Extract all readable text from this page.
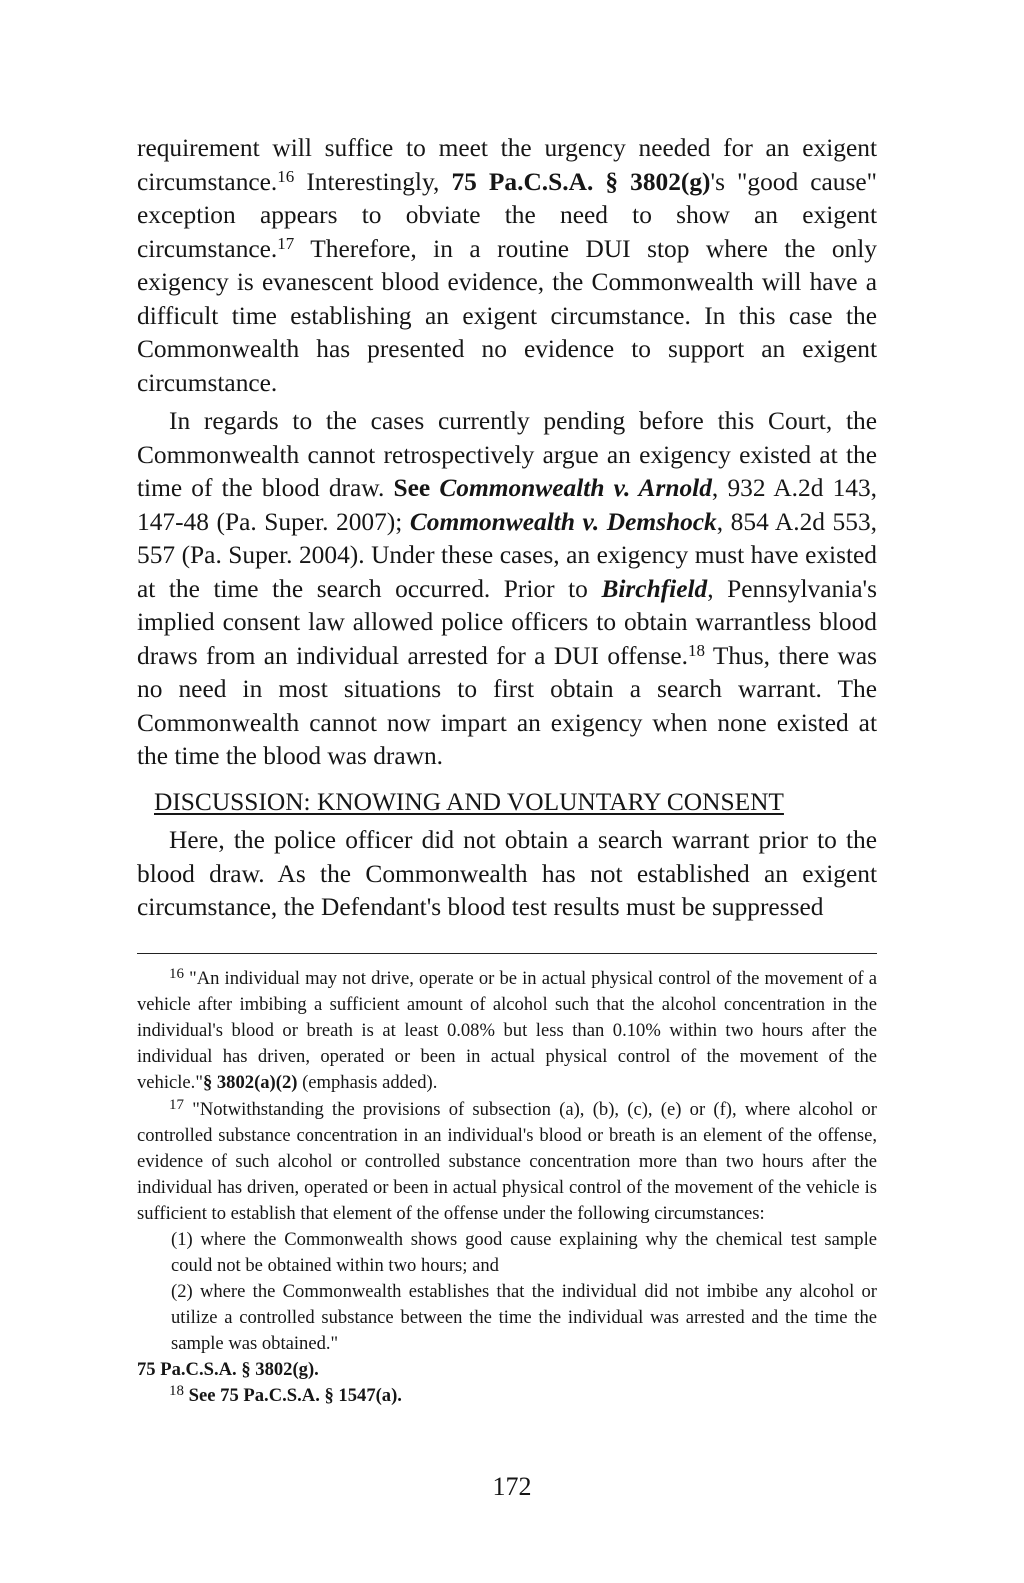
requirement will suffice to meet the urgency needed for an exigent circumstance.$^{16}$ Interestingly, 75 Pa.C.S.A. § 3802(g)'s "good cause" exception appears to obviate the need to show an exigent circumstance.$^{17}$ Therefore, in a routine DUI stop where the only exigency is evanescent blood evidence, the Commonwealth will have a difficult time establishing an exigent circumstance. In this case the Commonwealth has presented no evidence to support an exigent circumstance.

In regards to the cases currently pending before this Court, the Commonwealth cannot retrospectively argue an exigency existed at the time of the blood draw. See Commonwealth v. Arnold, 932 A.2d 143, 147-48 (Pa. Super. 2007); Commonwealth v. Demshock, 854 A.2d 553, 557 (Pa. Super. 2004). Under these cases, an exigency must have existed at the time the search occurred. Prior to Birchfield, Pennsylvania's implied consent law allowed police officers to obtain warrantless blood draws from an individual arrested for a DUI offense.$^{18}$ Thus, there was no need in most situations to first obtain a search warrant. The Commonwealth cannot now impart an exigency when none existed at the time the blood was drawn.

DISCUSSION: KNOWING AND VOLUNTARY CONSENT

Here, the police officer did not obtain a search warrant prior to the blood draw. As the Commonwealth has not established an exigent circumstance, the Defendant's blood test results must be suppressed

$^{16}$ "An individual may not drive, operate or be in actual physical control of the movement of a vehicle after imbibing a sufficient amount of alcohol such that the alcohol concentration in the individual's blood or breath is at least 0.08% but less than 0.10% within two hours after the individual has driven, operated or been in actual physical control of the movement of the vehicle."§ 3802(a)(2) (emphasis added).

$^{17}$ "Notwithstanding the provisions of subsection (a), (b), (c), (e) or (f), where alcohol or controlled substance concentration in an individual's blood or breath is an element of the offense, evidence of such alcohol or controlled substance concentration more than two hours after the individual has driven, operated or been in actual physical control of the movement of the vehicle is sufficient to establish that element of the offense under the following circumstances:

(1) where the Commonwealth shows good cause explaining why the chemical test sample could not be obtained within two hours; and

(2) where the Commonwealth establishes that the individual did not imbibe any alcohol or utilize a controlled substance between the time the individual was arrested and the time the sample was obtained."

75 Pa.C.S.A. § 3802(g).

$^{18}$ See 75 Pa.C.S.A. § 1547(a).

172
